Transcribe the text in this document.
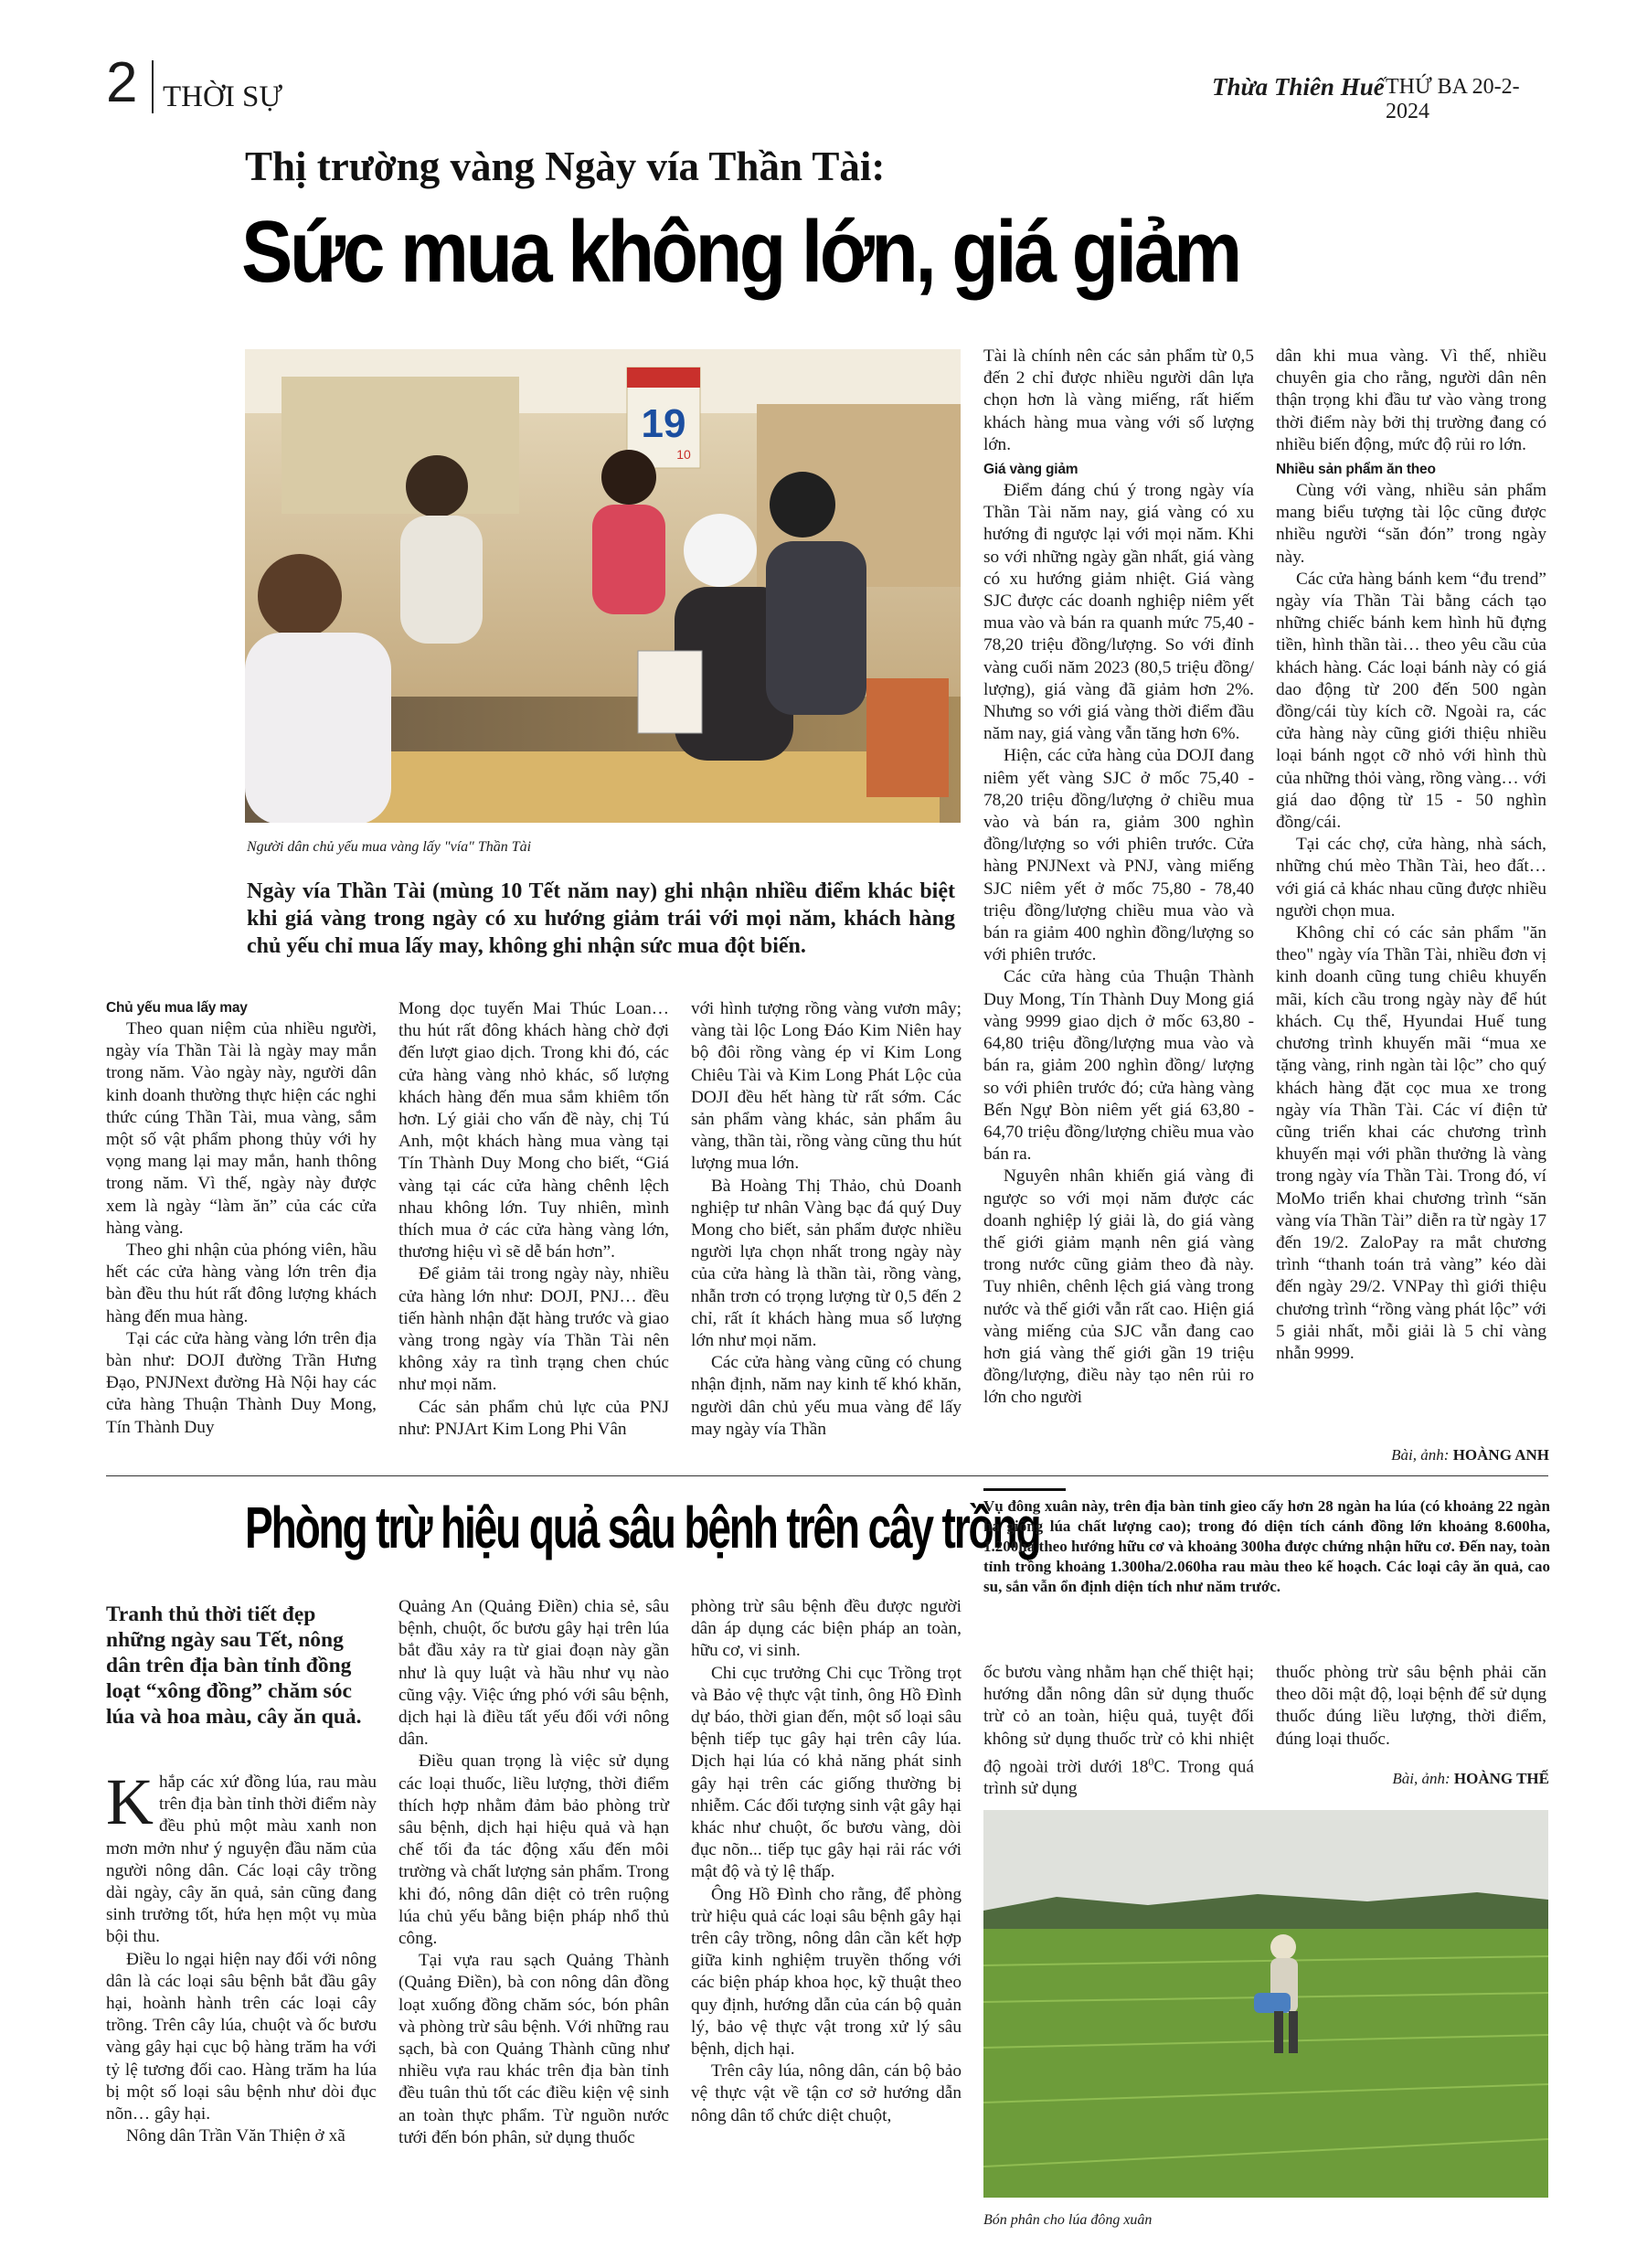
2 THỜI SỰ	Thừa Thiên Huế THỨ BA 20-2-2024
Thị trường vàng Ngày vía Thần Tài:
Sức mua không lớn, giá giảm
19
10
Người dân chủ yếu mua vàng lấy "vía" Thần Tài
Ngày vía Thần Tài (mùng 10 Tết năm nay) ghi nhận nhiều điểm khác biệt khi giá vàng trong ngày có xu hướng giảm trái với mọi năm, khách hàng chủ yếu chỉ mua lấy may, không ghi nhận sức mua đột biến.
Chủ yếu mua lấy may

Theo quan niệm của nhiều người, ngày vía Thần Tài là ngày may mắn trong năm. Vào ngày này, người dân kinh doanh thường thực hiện các nghi thức cúng Thần Tài, mua vàng, sắm một số vật phẩm phong thủy với hy vọng mang lại may mắn, hanh thông trong năm. Vì thế, ngày này được xem là ngày “làm ăn” của các cửa hàng vàng.

Theo ghi nhận của phóng viên, hầu hết các cửa hàng vàng lớn trên địa bàn đều thu hút rất đông lượng khách hàng đến mua hàng.

Tại các cửa hàng vàng lớn trên địa bàn như: DOJI đường Trần Hưng Đạo, PNJNext đường Hà Nội hay các cửa hàng Thuận Thành Duy Mong, Tín Thành Duy

Mong dọc tuyến Mai Thúc Loan… thu hút rất đông khách hàng chờ đợi đến lượt giao dịch. Trong khi đó, các cửa hàng vàng nhỏ khác, số lượng khách hàng đến mua sắm khiêm tốn hơn. Lý giải cho vấn đề này, chị Tú Anh, một khách hàng mua vàng tại Tín Thành Duy Mong cho biết, “Giá vàng tại các cửa hàng chênh lệch nhau không lớn. Tuy nhiên, mình thích mua ở các cửa hàng vàng lớn, thương hiệu vì sẽ dễ bán hơn”.

Để giảm tải trong ngày này, nhiều cửa hàng lớn như: DOJI, PNJ… đều tiến hành nhận đặt hàng trước và giao vàng trong ngày vía Thần Tài nên không xảy ra tình trạng chen chúc như mọi năm.

Các sản phẩm chủ lực của PNJ như: PNJArt Kim Long Phi Vân

với hình tượng rồng vàng vươn mây; vàng tài lộc Long Đáo Kim Niên hay bộ đôi rồng vàng ép vỉ Kim Long Chiêu Tài và Kim Long Phát Lộc của DOJI đều hết hàng từ rất sớm. Các sản phẩm vàng khác, sản phẩm âu vàng, thần tài, rồng vàng cũng thu hút lượng mua lớn.

Bà Hoàng Thị Thảo, chủ Doanh nghiệp tư nhân Vàng bạc đá quý Duy Mong cho biết, sản phẩm được nhiều người lựa chọn nhất trong ngày này của cửa hàng là thần tài, rồng vàng, nhẫn trơn có trọng lượng từ 0,5 đến 2 chỉ, rất ít khách hàng mua số lượng lớn như mọi năm.

Các cửa hàng vàng cũng có chung nhận định, năm nay kinh tế khó khăn, người dân chủ yếu mua vàng để lấy may ngày vía Thần

Tài là chính nên các sản phẩm từ 0,5 đến 2 chỉ được nhiều người dân lựa chọn hơn là vàng miếng, rất hiếm khách hàng mua vàng với số lượng lớn.

Giá vàng giảm

Điểm đáng chú ý trong ngày vía Thần Tài năm nay, giá vàng có xu hướng đi ngược lại với mọi năm. Khi so với những ngày gần nhất, giá vàng có xu hướng giảm nhiệt. Giá vàng SJC được các doanh nghiệp niêm yết mua vào và bán ra quanh mức 75,40 - 78,20 triệu đồng/lượng. So với đỉnh vàng cuối năm 2023 (80,5 triệu đồng/ lượng), giá vàng đã giảm hơn 2%. Nhưng so với giá vàng thời điểm đầu năm nay, giá vàng vẫn tăng hơn 6%.

Hiện, các cửa hàng của DOJI đang niêm yết vàng SJC ở mốc 75,40 - 78,20 triệu đồng/lượng ở chiều mua vào và bán ra, giảm 300 nghìn đồng/lượng so với phiên trước. Cửa hàng PNJNext và PNJ, vàng miếng SJC niêm yết ở mốc 75,80 - 78,40 triệu đồng/lượng chiều mua vào và bán ra giảm 400 nghìn đồng/lượng so với phiên trước.

Các cửa hàng của Thuận Thành Duy Mong, Tín Thành Duy Mong giá vàng 9999 giao dịch ở mốc 63,80 - 64,80 triệu đồng/lượng mua vào và bán ra, giảm 200 nghìn đồng/ lượng so với phiên trước đó; cửa hàng vàng Bến Ngự Bòn niêm yết giá 63,80 - 64,70 triệu đồng/lượng chiều mua vào bán ra.

Nguyên nhân khiến giá vàng đi ngược so với mọi năm được các doanh nghiệp lý giải là, do giá vàng thế giới giảm mạnh nên giá vàng trong nước cũng giảm theo đà này. Tuy nhiên, chênh lệch giá vàng trong nước và thế giới vẫn rất cao. Hiện giá vàng miếng của SJC vẫn đang cao hơn giá vàng thế giới gần 19 triệu đồng/lượng, điều này tạo nên rủi ro lớn cho người

dân khi mua vàng. Vì thế, nhiều chuyên gia cho rằng, người dân nên thận trọng khi đầu tư vào vàng trong thời điểm này bởi thị trường đang có nhiều biến động, mức độ rủi ro lớn.

Nhiều sản phẩm ăn theo

Cùng với vàng, nhiều sản phẩm mang biểu tượng tài lộc cũng được nhiều người “săn đón” trong ngày này.

Các cửa hàng bánh kem “đu trend” ngày vía Thần Tài bằng cách tạo những chiếc bánh kem hình hũ đựng tiền, hình thần tài… theo yêu cầu của khách hàng. Các loại bánh này có giá dao động từ 200 đến 500 ngàn đồng/cái tùy kích cỡ. Ngoài ra, các cửa hàng này cũng giới thiệu nhiều loại bánh ngọt cỡ nhỏ với hình thù của những thỏi vàng, rồng vàng… với giá dao động từ 15 - 50 nghìn đồng/cái.

Tại các chợ, cửa hàng, nhà sách, những chú mèo Thần Tài, heo đất… với giá cả khác nhau cũng được nhiều người chọn mua.

Không chỉ có các sản phẩm "ăn theo" ngày vía Thần Tài, nhiều đơn vị kinh doanh cũng tung chiêu khuyến mãi, kích cầu trong ngày này để hút khách. Cụ thể, Hyundai Huế tung chương trình khuyến mãi “mua xe tặng vàng, rinh ngàn tài lộc” cho quý khách hàng đặt cọc mua xe trong ngày vía Thần Tài. Các ví điện tử cũng triển khai các chương trình khuyến mại với phần thưởng là vàng trong ngày vía Thần Tài. Trong đó, ví MoMo triển khai chương trình “săn vàng vía Thần Tài” diễn ra từ ngày 17 đến 19/2. ZaloPay ra mắt chương trình “thanh toán trả vàng” kéo dài đến ngày 29/2. VNPay thì giới thiệu chương trình “rồng vàng phát lộc” với 5 giải nhất, mỗi giải là 5 chỉ vàng nhẫn 9999.

Bài, ảnh: HOÀNG ANH
Phòng trừ hiệu quả sâu bệnh trên cây trồng
Vụ đông xuân này, trên địa bàn tỉnh gieo cấy hơn 28 ngàn ha lúa (có khoảng 22 ngàn ha giống lúa chất lượng cao); trong đó diện tích cánh đồng lớn khoảng 8.600ha, 1.200ha theo hướng hữu cơ và khoảng 300ha được chứng nhận hữu cơ. Đến nay, toàn tỉnh trồng khoảng 1.300ha/2.060ha rau màu theo kế hoạch. Các loại cây ăn quả, cao su, sắn vẫn ổn định diện tích như năm trước.
Tranh thủ thời tiết đẹp những ngày sau Tết, nông dân trên địa bàn tỉnh đồng loạt “xông đồng” chăm sóc lúa và hoa màu, cây ăn quả.

Khắp các xứ đồng lúa, rau màu trên địa bàn tỉnh thời điểm này đều phủ một màu xanh non mơn mởn như ý nguyện đầu năm của người nông dân. Các loại cây trồng dài ngày, cây ăn quả, sản cũng đang sinh trưởng tốt, hứa hẹn một vụ mùa bội thu.

Điều lo ngại hiện nay đối với nông dân là các loại sâu bệnh bắt đầu gây hại, hoành hành trên các loại cây trồng. Trên cây lúa, chuột và ốc bươu vàng gây hại cục bộ hàng trăm ha với tỷ lệ tương đối cao. Hàng trăm ha lúa bị một số loại sâu bệnh như dòi đục nõn… gây hại.

Nông dân Trần Văn Thiện ở xã

Quảng An (Quảng Điền) chia sẻ, sâu bệnh, chuột, ốc bươu gây hại trên lúa bắt đầu xảy ra từ giai đoạn này gần như là quy luật và hầu như vụ nào cũng vậy. Việc ứng phó với sâu bệnh, dịch hại là điều tất yếu đối với nông dân.

Điều quan trọng là việc sử dụng các loại thuốc, liều lượng, thời điểm thích hợp nhằm đảm bảo phòng trừ sâu bệnh, dịch hại hiệu quả và hạn chế tối đa tác động xấu đến môi trường và chất lượng sản phẩm. Trong khi đó, nông dân diệt cỏ trên ruộng lúa chủ yếu bằng biện pháp nhổ thủ công.

Tại vựa rau sạch Quảng Thành (Quảng Điền), bà con nông dân đồng loạt xuống đồng chăm sóc, bón phân và phòng trừ sâu bệnh. Với những rau sạch, bà con Quảng Thành cũng như nhiều vựa rau khác trên địa bàn tỉnh đều tuân thủ tốt các điều kiện vệ sinh an toàn thực phẩm. Từ nguồn nước tưới đến bón phân, sử dụng thuốc

phòng trừ sâu bệnh đều được người dân áp dụng các biện pháp an toàn, hữu cơ, vi sinh.

Chi cục trưởng Chi cục Trồng trọt và Bảo vệ thực vật tỉnh, ông Hồ Đình dự báo, thời gian đến, một số loại sâu bệnh tiếp tục gây hại trên cây lúa. Dịch hại lúa có khả năng phát sinh gây hại trên các giống thường bị nhiễm. Các đối tượng sinh vật gây hại khác như chuột, ốc bươu vàng, dòi đục nõn... tiếp tục gây hại rải rác với mật độ và tỷ lệ thấp.

Ông Hồ Đình cho rằng, để phòng trừ hiệu quả các loại sâu bệnh gây hại trên cây trồng, nông dân cần kết hợp giữa kinh nghiệm truyền thống với các biện pháp khoa học, kỹ thuật theo quy định, hướng dẫn của cán bộ quản lý, bảo vệ thực vật trong xử lý sâu bệnh, dịch hại.

Trên cây lúa, nông dân, cán bộ bảo vệ thực vật về tận cơ sở hướng dẫn nông dân tổ chức diệt chuột,

ốc bươu vàng nhằm hạn chế thiệt hại; hướng dẫn nông dân sử dụng thuốc trừ cỏ an toàn, hiệu quả, tuyệt đối không sử dụng thuốc trừ cỏ khi nhiệt độ ngoài trời dưới $18^0C$. Trong quá trình sử dụng

thuốc phòng trừ sâu bệnh phải căn theo dõi mật độ, loại bệnh để sử dụng thuốc đúng liều lượng, thời điểm, đúng loại thuốc.

Bài, ảnh: HOÀNG THẾ
Bón phân cho lúa đông xuân
